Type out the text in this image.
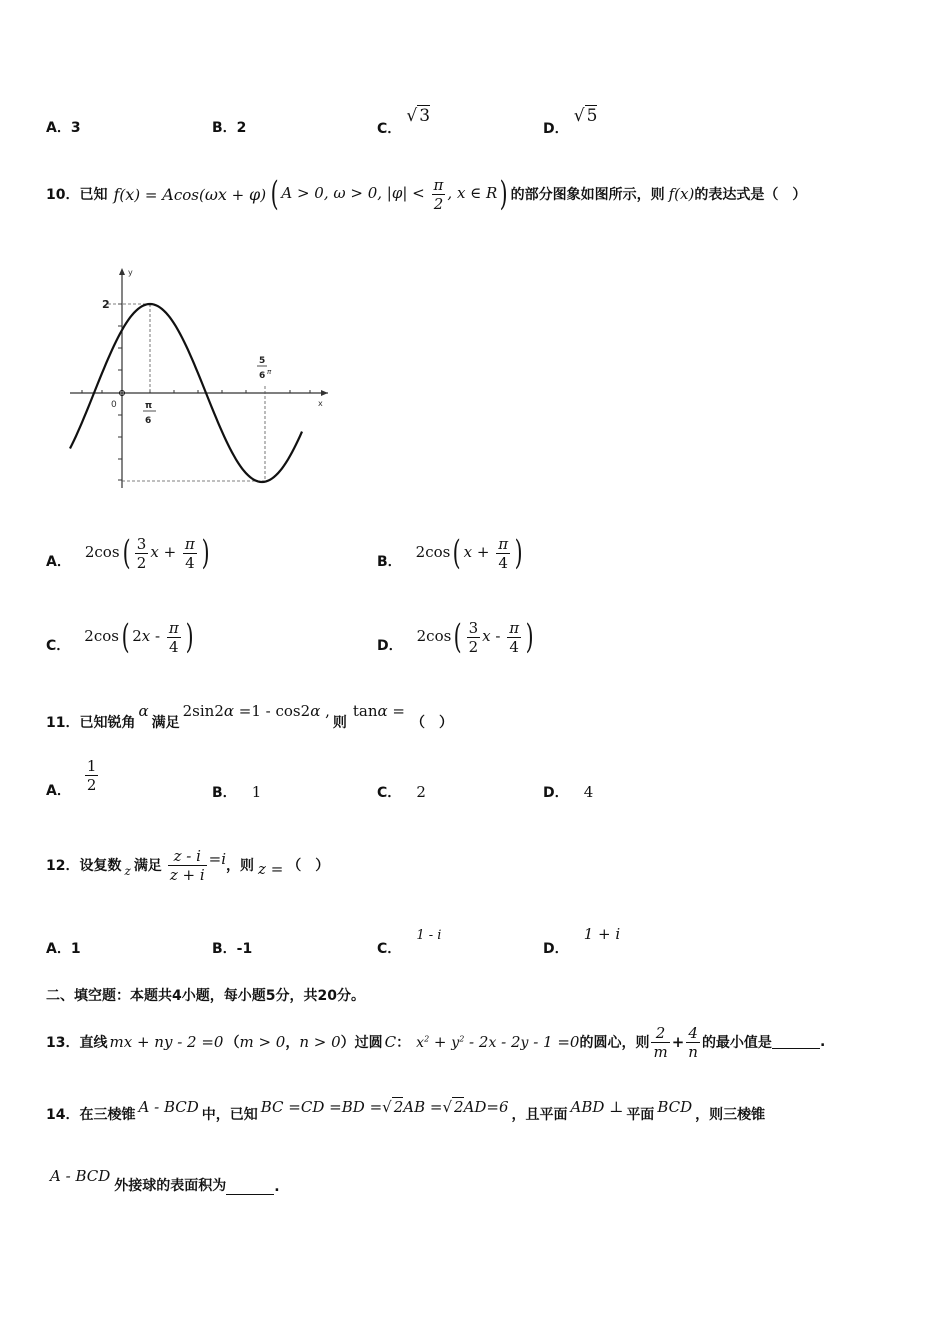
A．3	B．2	C． √ 3
D． √ 5
10．已知 f(x) = Acos(ωx + φ) ( A > 0, ω > 0, $|\varphi| < \frac{\pi}{2}$ , x ∈ R) 的部分图象如图所示，则 f(x) 的表达式是（　）
y
x
0
2
π
6
5
6 π
A．
$2\cos( \frac{3}{2}$ $x + \frac{\pi}{4}$ )	B．
2cos( $x + \frac{\pi}{4}$ )
C．
2cos( $2x - \frac{\pi}{4}$ )	D．
$2\cos( \frac{3}{2}$ x - $\frac{\pi}{4}$ )
11．已知锐角
α
满足
2sin2α =1 - cos2α ,
则
tanα =
（　）
A． $\frac{1}{2}$	B． 1	C． 2	D． 4
12．设复数 z 满足 $\frac{z - i}{z + i} =i$ ，则 z = （　）
A．1	B．-1	C． 1 - i
D． 1 + i
二、填空题：本题共4小题，每小题5分，共20分。
13．直线 mx + ny - 2 =0 （ m > 0 ， n > 0 ）过圆 C ： $x^2 + y^2 - 2x - 2y - 1 =0$ 的圆心，则 $\frac{2}{m} + \frac{4}{n}$ 的最小值是	.
14．在三棱锥 A - BCD 中，已知 BC =CD =BD =√ 2AB =√ 2AD=6 ，且平面 ABD ⊥ 平面 BCD ，则三棱锥
A - BCD
外接球的表面积为	.
